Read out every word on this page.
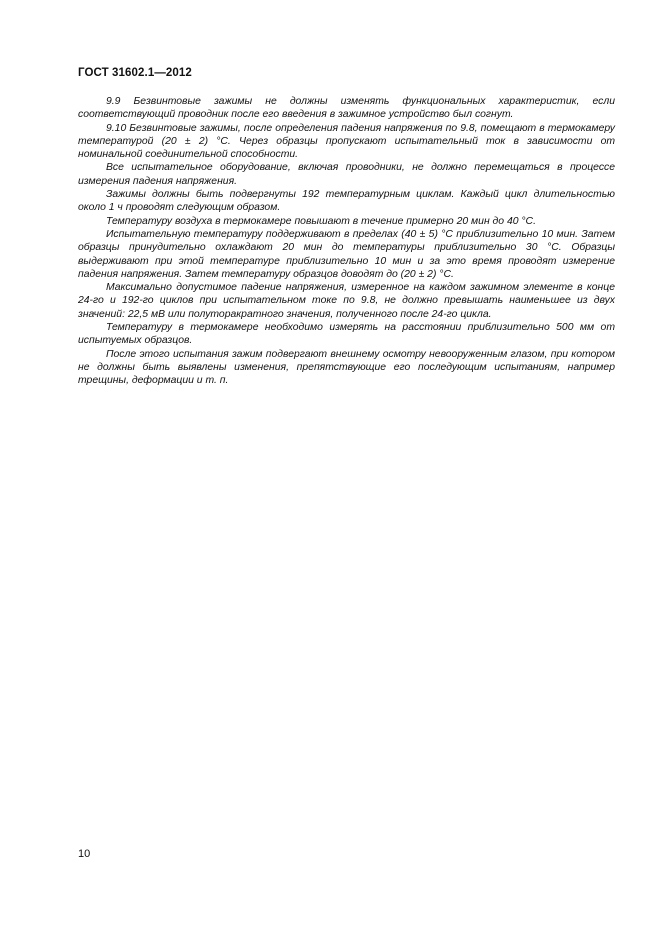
ГОСТ 31602.1—2012

9.9 Безвинтовые зажимы не должны изменять функциональных характеристик, если соответствующий проводник после его введения в зажимное устройство был согнут.

9.10 Безвинтовые зажимы, после определения падения напряжения по 9.8, помещают в термокамеру температурой (20 ± 2) °С. Через образцы пропускают испытательный ток в зависимости от номинальной соединительной способности.

Все испытательное оборудование, включая проводники, не должно перемещаться в процессе измерения падения напряжения.

Зажимы должны быть подвергнуты 192 температурным циклам. Каждый цикл длительностью около 1 ч проводят следующим образом.

Температуру воздуха в термокамере повышают в течение примерно 20 мин до 40 °С.

Испытательную температуру поддерживают в пределах (40 ± 5) °С приблизительно 10 мин. Затем образцы принудительно охлаждают 20 мин до температуры приблизительно 30 °С. Образцы выдерживают при этой температуре приблизительно 10 мин и за это время проводят измерение падения напряжения. Затем температуру образцов доводят до (20 ± 2) °С.

Максимально допустимое падение напряжения, измеренное на каждом зажимном элементе в конце 24-го и 192-го циклов при испытательном токе по 9.8, не должно превышать наименьшее из двух значений: 22,5 мВ или полуторакратного значения, полученного после 24-го цикла.

Температуру в термокамере необходимо измерять на расстоянии приблизительно 500 мм от испытуемых образцов.

После этого испытания зажим подвергают внешнему осмотру невооруженным глазом, при котором не должны быть выявлены изменения, препятствующие его последующим испытаниям, например трещины, деформации и т. п.

10
